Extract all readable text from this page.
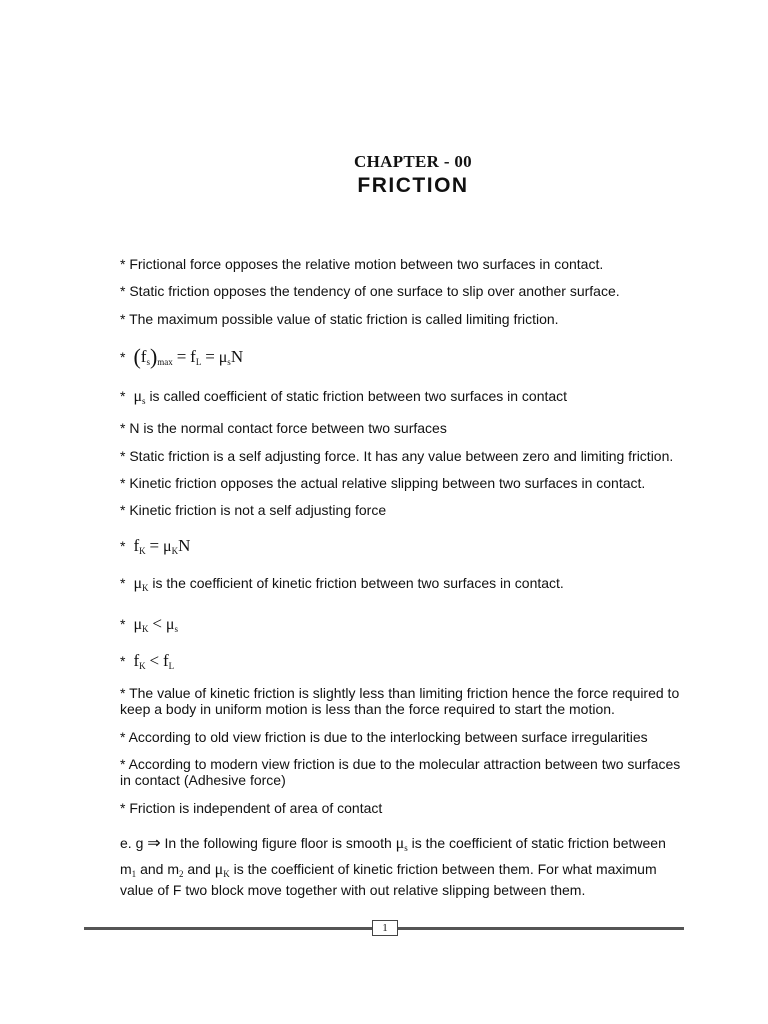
CHAPTER - 00
FRICTION
* Frictional force opposes the relative motion between two surfaces in contact.
* Static friction opposes the tendency of one surface to slip over another surface.
* The maximum possible value of static friction is called limiting friction.
* $(f_s)_{max} = f_L = \mu_sN$
* $\mu_s$ is called coefficient of static friction between two surfaces in contact
* N is the normal contact force between two surfaces
* Static friction is a self adjusting force. It has any value between zero and limiting friction.
* Kinetic friction opposes the actual relative slipping between two surfaces in contact.
* Kinetic friction is not a self adjusting force
* $f_K = \mu_KN$
* $\mu_K$ is the coefficient of kinetic friction between two surfaces in contact.
* $\mu_K < \mu_s$
* $f_K < f_L$
* The value of kinetic friction is slightly less than limiting friction hence the force required to keep a body in uniform motion is less than the force required to start the motion.
* According to old view friction is due to the interlocking between surface irregularities
* According to modern view friction is due to the molecular attraction between two surfaces in contact (Adhesive force)
* Friction is independent of area of contact
e. g ⇒ In the following figure floor is smooth $\mu_s$ is the coefficient of static friction between
$m_1$ and $m_2$ and $\mu_K$ is the coefficient of kinetic friction between them. For what maximum
value of F two block move together with out relative slipping between them.
1
